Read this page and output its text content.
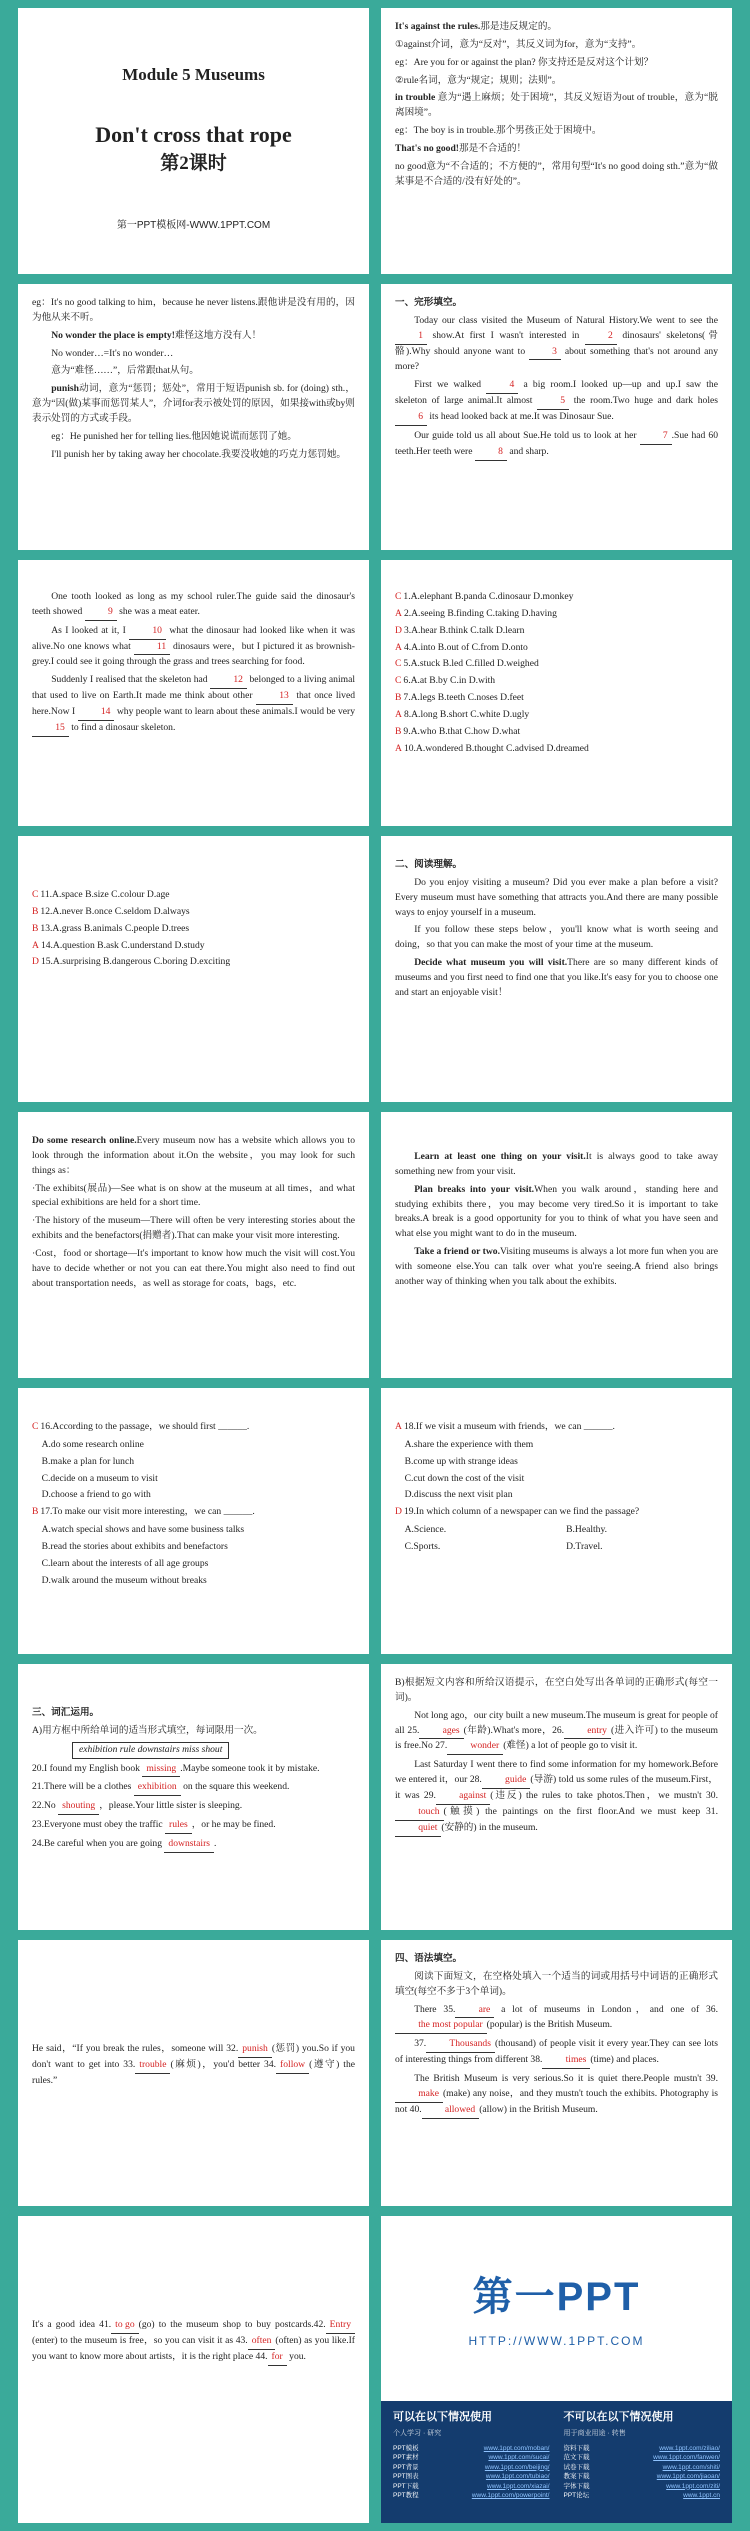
Module 5 Museums
Don't cross that rope
第2课时
第一PPT模板网-WWW.1PPT.COM

It's against the rules.那是违反规定的。

①against介词，意为“反对”，其反义词为for，意为“支持”。

eg：Are you for or against the plan? 你支持还是反对这个计划？

②rule名词，意为“规定；规则；法则”。

in trouble 意为“遇上麻烦；处于困境”，其反义短语为out of trouble，意为“脱离困境”。

eg：The boy is in trouble.那个男孩正处于困境中。

That's no good!那是不合适的！

no good意为“不合适的；不方便的”，常用句型“It's no good doing sth.”意为“做某事是不合适的/没有好处的”。

eg：It's no good talking to him，because he never listens.跟他讲是没有用的，因为他从来不听。

No wonder the place is empty!难怪这地方没有人！

No wonder…=It's no wonder…

意为“难怪……”，后常跟that从句。

punish动词，意为“惩罚；惩处”，常用于短语punish sb. for (doing) sth.，意为“因(做)某事而惩罚某人”，介词for表示被处罚的原因，如果接with或by则表示处罚的方式或手段。

eg：He punished her for telling lies.他因她说谎而惩罚了她。

I'll punish her by taking away her chocolate.我要没收她的巧克力惩罚她。

一、完形填空。

Today our class visited the Museum of Natural History.We went to see the 1 show.At first I wasn't interested in	2 dinosaurs' skeletons(骨骼).Why should anyone want to	3 about something that's not around any more?

First we walked	4 a big room.I looked up—up and up.I saw the skeleton of large animal.It almost	5 the room.Two huge and dark holes 6 its head looked back at me.It was Dinosaur Sue.

Our guide told us all about Sue.He told us to look at her	7 .Sue had 60 teeth.Her teeth were	8 and sharp.

One tooth looked as long as my school ruler.The guide said the dinosaur's teeth showed	9 she was a meat eater.

As I looked at it, I	10 what the dinosaur had looked like when it was alive.No one knows what	11 dinosaurs were，but I pictured it as brownish-grey.I could see it going through the grass and trees searching for food.

Suddenly I realised that the skeleton had	12 belonged to a living animal that used to live on Earth.It made me think about other	13 that once lived here.Now I	14 why people want to learn about these animals.I would be very 15 to find a dinosaur skeleton.

C 1.A.elephant B.panda C.dinosaur D.monkey

A 2.A.seeing B.finding C.taking D.having

D 3.A.hear B.think C.talk D.learn

A 4.A.into B.out of C.from D.onto

C 5.A.stuck B.led C.filled D.weighed

C 6.A.at B.by C.in D.with

B 7.A.legs B.teeth C.noses D.feet

A 8.A.long B.short C.white D.ugly

B 9.A.who B.that C.how D.what

A 10.A.wondered B.thought C.advised D.dreamed

C 11.A.space B.size C.colour D.age

B 12.A.never B.once C.seldom D.always

B 13.A.grass B.animals C.people D.trees

A 14.A.question B.ask C.understand D.study

D 15.A.surprising B.dangerous C.boring D.exciting

二、阅读理解。

Do you enjoy visiting a museum? Did you ever make a plan before a visit? Every museum must have something that attracts you.And there are many possible ways to enjoy yourself in a museum.

If you follow these steps below，you'll know what is worth seeing and doing，so that you can make the most of your time at the museum.

Decide what museum you will visit.There are so many different kinds of museums and you first need to find one that you like.It's easy for you to choose one and start an enjoyable visit！

Do some research online.Every museum now has a website which allows you to look through the information about it.On the website，you may look for such things as：

·The exhibits(展品)—See what is on show at the museum at all times，and what special exhibitions are held for a short time.

·The history of the museum—There will often be very interesting stories about the exhibits and the benefactors(捐赠者).That can make your visit more interesting.

·Cost，food or shortage—It's important to know how much the visit will cost.You have to decide whether or not you can eat there.You might also need to find out about transportation needs，as well as storage for coats，bags，etc.

Learn at least one thing on your visit.It is always good to take away something new from your visit.

Plan breaks into your visit.When you walk around，standing here and studying exhibits there，you may become very tired.So it is important to take breaks.A break is a good opportunity for you to think of what you have seen and what else you might want to do in the museum.

Take a friend or two.Visiting museums is always a lot more fun when you are with someone else.You can talk over what you're seeing.A friend also brings another way of thinking when you talk about the exhibits.

C 16.According to the passage，we should first ______.

A.do some research online

B.make a plan for lunch

C.decide on a museum to visit

D.choose a friend to go with

B 17.To make our visit more interesting，we can ______.

A.watch special shows and have some business talks

B.read the stories about exhibits and benefactors

C.learn about the interests of all age groups

D.walk around the museum without breaks

A 18.If we visit a museum with friends，we can ______.

A.share the experience with them

B.come up with strange ideas

C.cut down the cost of the visit

D.discuss the next visit plan

D 19.In which column of a newspaper can we find the passage?

A.Science.	B.Healthy.

C.Sports.	D.Travel.

三、词汇运用。

A)用方框中所给单词的适当形式填空，每词限用一次。

exhibition rule downstairs miss shout

20.I found my English book missing .Maybe someone took it by mistake.

21.There will be a clothes exhibition on the square this weekend.

22.No shouting ，please.Your little sister is sleeping.

23.Everyone must obey the traffic rules ，or he may be fined.

24.Be careful when you are going downstairs .

B)根据短文内容和所给汉语提示，在空白处写出各单词的正确形式(每空一词)。

Not long ago，our city built a new museum.The museum is great for people of all 25. ages (年龄).What's more，26. entry (进入许可) to the museum is free.No 27. wonder (难怪) a lot of people go to visit it.

Last Saturday I went there to find some information for my homework.Before we entered it，our 28. guide (导游) told us some rules of the museum.First，it was 29. against (违反) the rules to take photos.Then，we mustn't 30.touch (触摸) the paintings on the first floor.And we must keep 31.quiet (安静的) in the museum.

He said，“If you break the rules，someone will 32. punish (惩罚) you.So if you don't want to get into 33. trouble (麻烦)，you'd better 34. follow (遵守) the rules.”

四、语法填空。

阅读下面短文，在空格处填入一个适当的词或用括号中词语的正确形式填空(每空不多于3个单词)。

There 35. are a lot of museums in London，and one of 36.the most popular (popular) is the British Museum.

37. Thousands (thousand) of people visit it every year.They can see lots of interesting things from different 38. times (time) and places.

The British Museum is very serious.So it is quiet there.People mustn't 39.make (make) any noise，and they mustn't touch the exhibits. Photography is not 40. allowed (allow) in the British Museum.

It's a good idea 41. to go (go) to the museum shop to buy postcards.42. Entry(enter) to the museum is free，so you can visit it as 43. often (often) as you like.If you want to know more about artists，it is the right place 44. for you.

第一PPT
HTTP://WWW.1PPT.COM
可以在以下情况使用
个人学习 · 研究
PPT模板	www.1ppt.com/moban/
PPT素材	www.1ppt.com/sucai/
PPT背景	www.1ppt.com/beijing/
PPT图表	www.1ppt.com/tubiao/
PPT下载	www.1ppt.com/xiazai/
PPT教程	www.1ppt.com/powerpoint/
不可以在以下情况使用
用于商业用途 · 转售
资料下载	www.1ppt.com/ziliao/
范文下载	www.1ppt.com/fanwen/
试卷下载	www.1ppt.com/shiti/
教案下载	www.1ppt.com/jiaoan/
字体下载	www.1ppt.com/ziti/
PPT论坛	www.1ppt.cn
